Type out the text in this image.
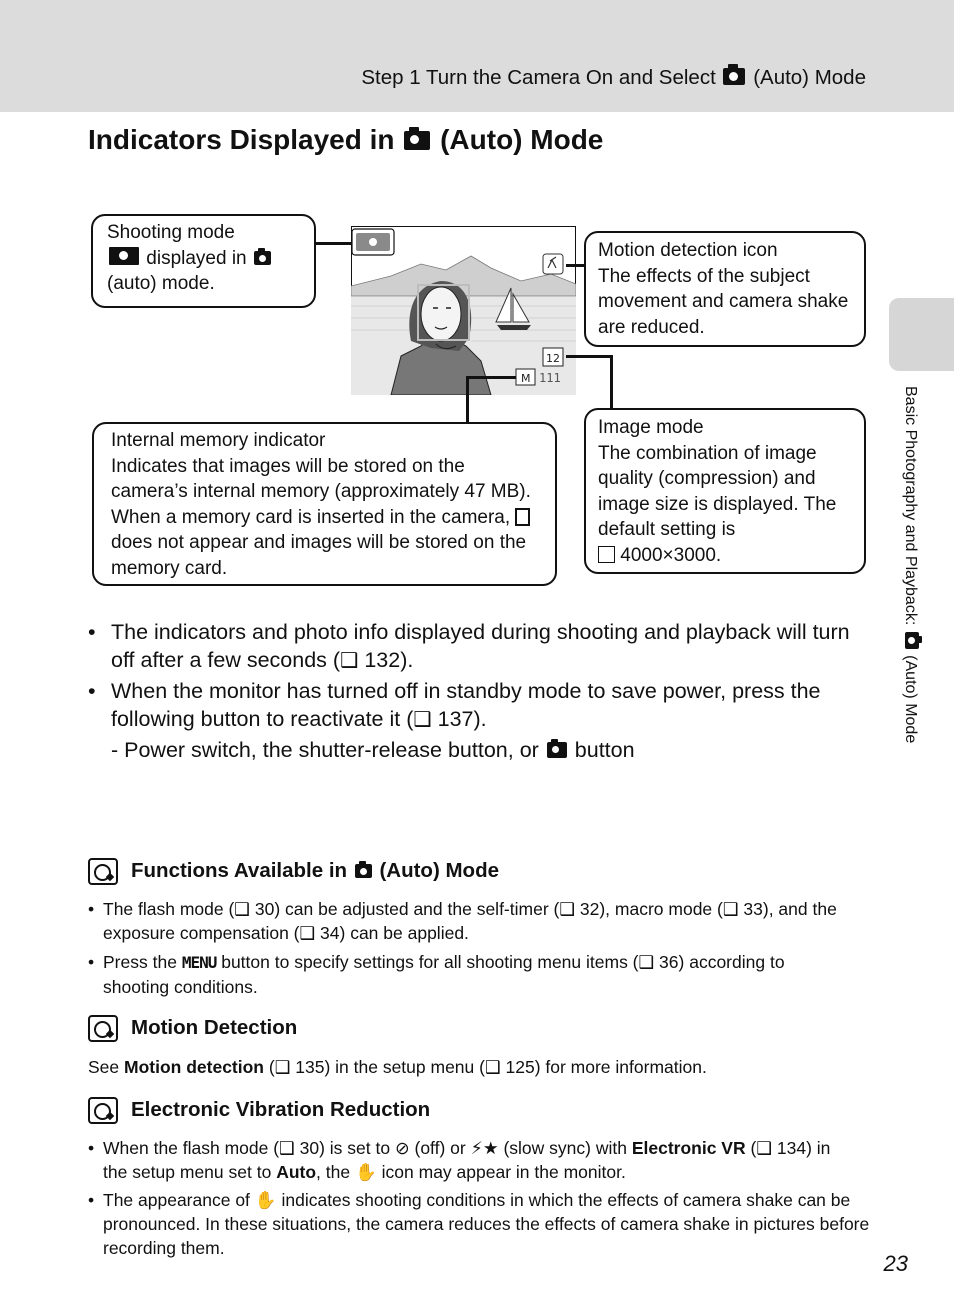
Step 1 Turn the Camera On and Select (Auto) Mode
Indicators Displayed in (Auto) Mode
Basic Photography and Playback:  (Auto) Mode
12
M 111
Shooting mode
displayed in
(auto) mode.
Motion detection icon
The effects of the subject
movement and camera shake
are reduced.
Internal memory indicator
Indicates that images will be stored on the
camera’s internal memory (approximately 47 MB).
When a memory card is inserted in the camera,
does not appear and images will be stored on the
memory card.
Image mode
The combination of image
quality (compression) and
image size is displayed. The
default setting is
4000×3000.
• The indicators and photo info displayed during shooting and playback will turn
off after a few seconds (❑ 132).
• When the monitor has turned off in standby mode to save power, press the
following button to reactivate it (❑ 137).
- Power switch, the shutter-release button, or button
Functions Available in (Auto) Mode
• The flash mode (❑ 30) can be adjusted and the self-timer (❑ 32), macro mode (❑ 33), and the
exposure compensation (❑ 34) can be applied.
• Press the MENU button to specify settings for all shooting menu items (❑ 36) according to
shooting conditions.
Motion Detection
See Motion detection (❑ 135) in the setup menu (❑ 125) for more information.
Electronic Vibration Reduction
• When the flash mode (❑ 30) is set to ⊘ (off) or ⚡★ (slow sync) with Electronic VR (❑ 134) in
the setup menu set to Auto, the ✋ icon may appear in the monitor.
• The appearance of ✋ indicates shooting conditions in which the effects of camera shake can be
pronounced. In these situations, the camera reduces the effects of camera shake in pictures before
recording them.
23
